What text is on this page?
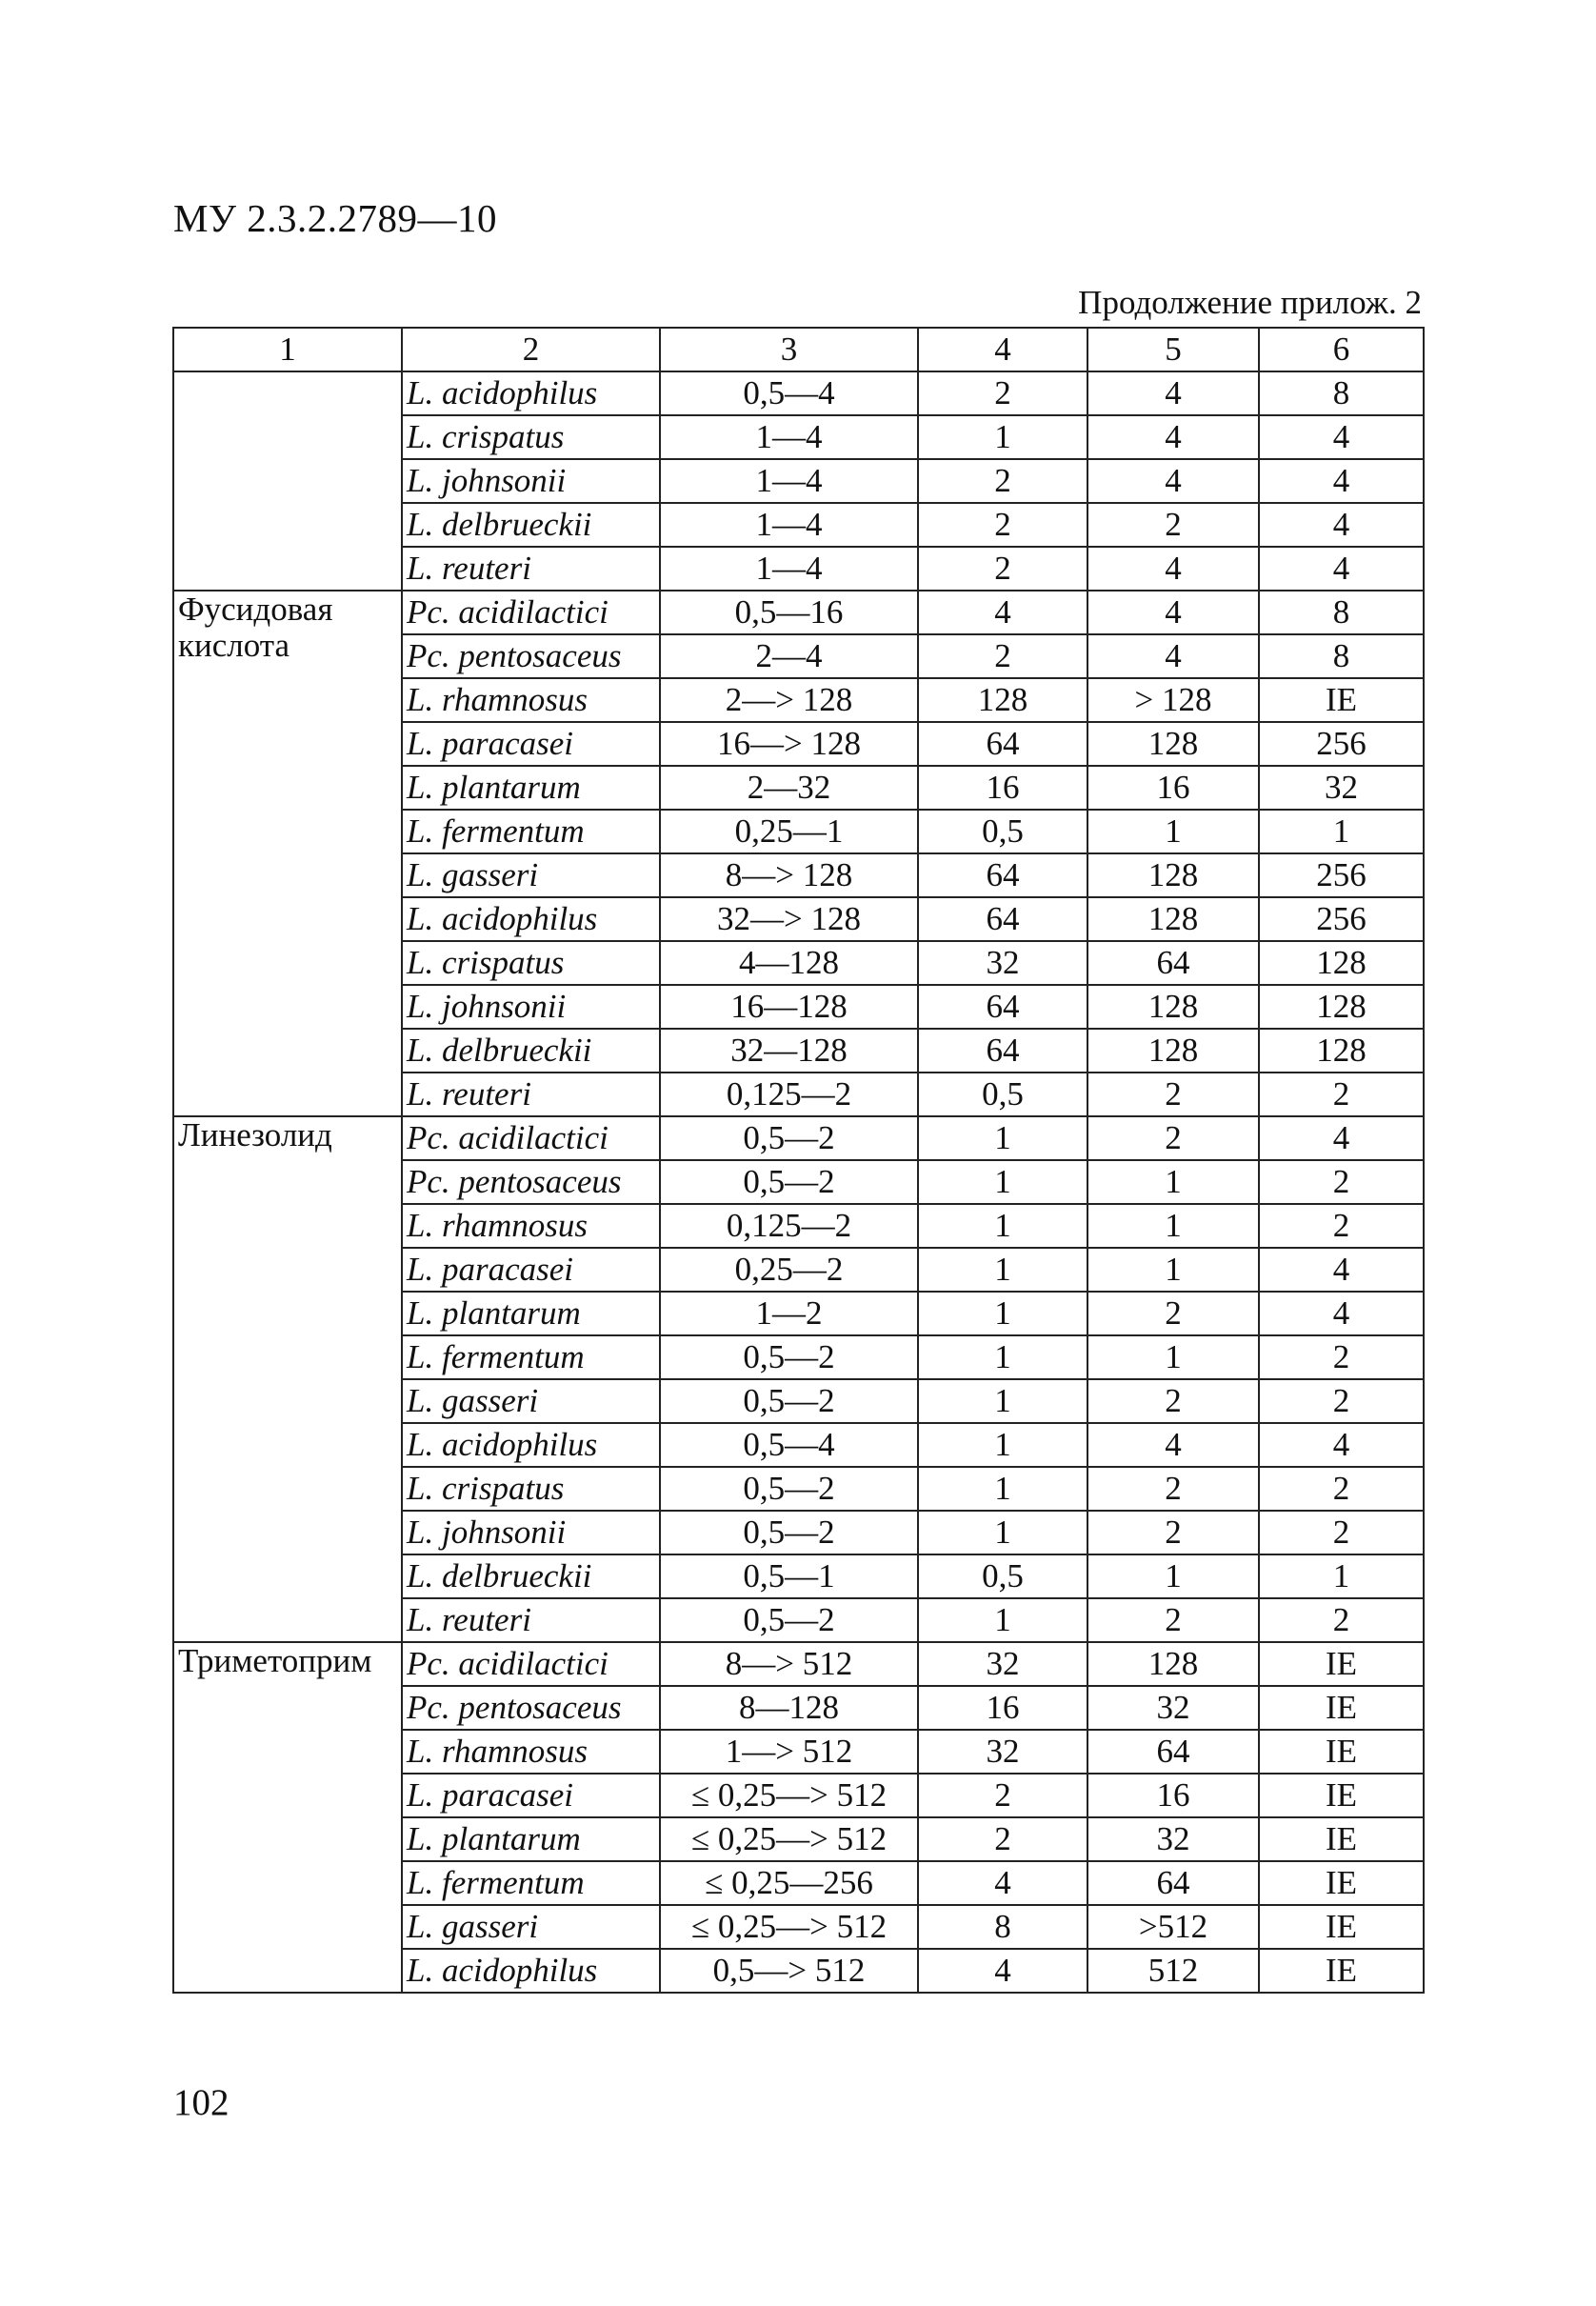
МУ 2.3.2.2789—10
Продолжение прилож. 2
1	2	3	4	5	6
	L. acidophilus	0,5—4	2	4	8
	L. crispatus	1—4	1	4	4
	L. johnsonii	1—4	2	4	4
	L. delbrueckii	1—4	2	2	4
	L. reuteri	1—4	2	4	4
Фусидовая кислота	Pc. acidilactici	0,5—16	4	4	8
	Pc. pentosaceus	2—4	2	4	8
	L. rhamnosus	2—> 128	128	> 128	IE
	L. paracasei	16—> 128	64	128	256
	L. plantarum	2—32	16	16	32
	L. fermentum	0,25—1	0,5	1	1
	L. gasseri	8—> 128	64	128	256
	L. acidophilus	32—> 128	64	128	256
	L. crispatus	4—128	32	64	128
	L. johnsonii	16—128	64	128	128
	L. delbrueckii	32—128	64	128	128
	L. reuteri	0,125—2	0,5	2	2
Линезолид	Pc. acidilactici	0,5—2	1	2	4
	Pc. pentosaceus	0,5—2	1	1	2
	L. rhamnosus	0,125—2	1	1	2
	L. paracasei	0,25—2	1	1	4
	L. plantarum	1—2	1	2	4
	L. fermentum	0,5—2	1	1	2
	L. gasseri	0,5—2	1	2	2
	L. acidophilus	0,5—4	1	4	4
	L. crispatus	0,5—2	1	2	2
	L. johnsonii	0,5—2	1	2	2
	L. delbrueckii	0,5—1	0,5	1	1
	L. reuteri	0,5—2	1	2	2
Триметоприм	Pc. acidilactici	8—> 512	32	128	IE
	Pc. pentosaceus	8—128	16	32	IE
	L. rhamnosus	1—> 512	32	64	IE
	L. paracasei	≤ 0,25—> 512	2	16	IE
	L. plantarum	≤ 0,25—> 512	2	32	IE
	L. fermentum	≤ 0,25—256	4	64	IE
	L. gasseri	≤ 0,25—> 512	8	>512	IE
	L. acidophilus	0,5—> 512	4	512	IE
102
